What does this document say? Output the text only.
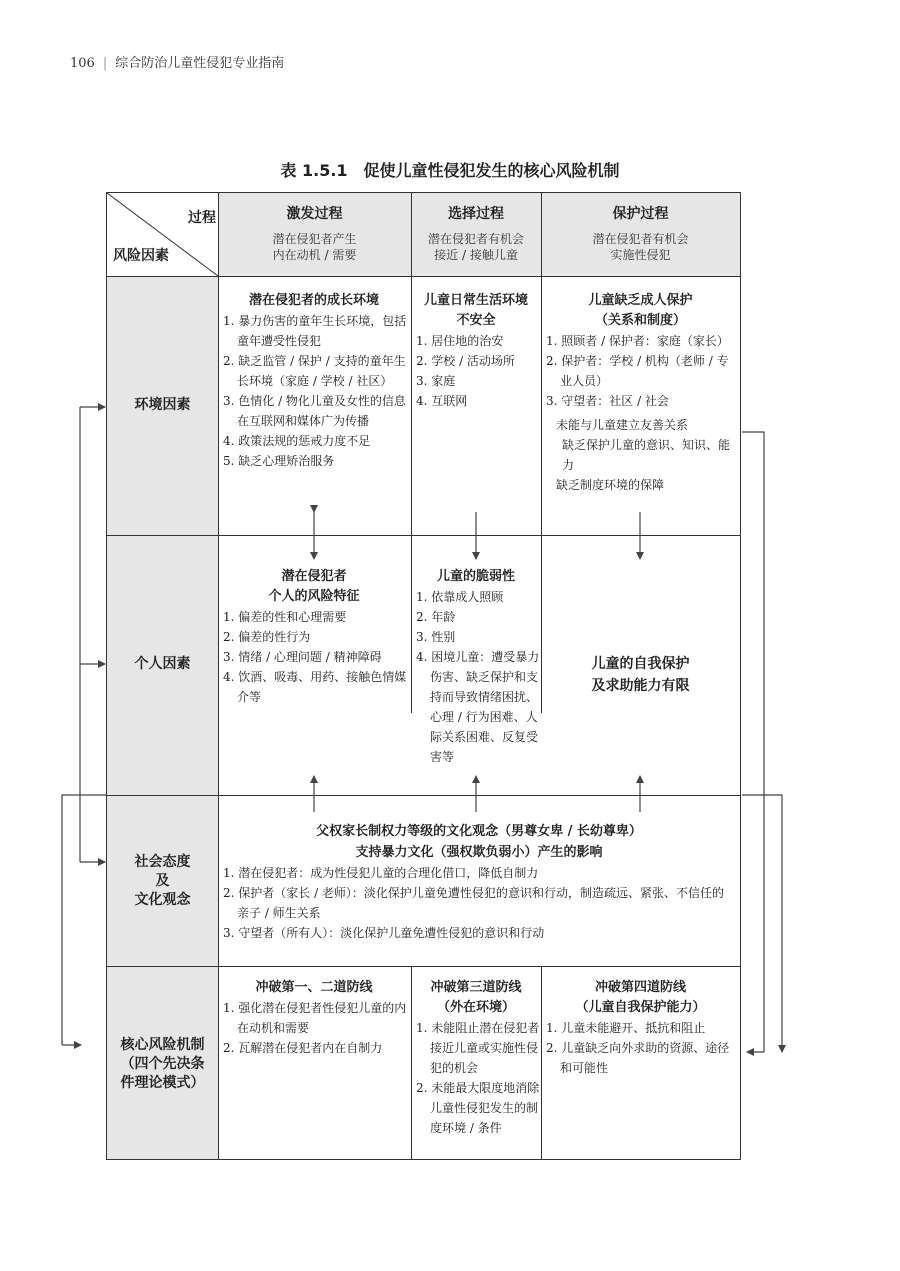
106 | 综合防治儿童性侵犯专业指南
表 1.5.1　促使儿童性侵犯发生的核心风险机制
过程
风险因素
激发过程
潜在侵犯者产生
内在动机 / 需要
选择过程
潜在侵犯者有机会
接近 / 接触儿童
保护过程
潜在侵犯者有机会
实施性侵犯
环境因素
个人因素
社会态度
及
文化观念
核心风险机制
（四个先决条
件理论模式）
潜在侵犯者的成长环境
1. 暴力伤害的童年生长环境，包括童年遭受性侵犯
2. 缺乏监管 / 保护 / 支持的童年生长环境（家庭 / 学校 / 社区）
3. 色情化 / 物化儿童及女性的信息在互联网和媒体广为传播
4. 政策法规的惩戒力度不足
5. 缺乏心理矫治服务
儿童日常生活环境
不安全
1. 居住地的治安
2. 学校 / 活动场所
3. 家庭
4. 互联网
儿童缺乏成人保护
（关系和制度）
1. 照顾者 / 保护者：家庭（家长）
2. 保护者：学校 / 机构（老师 / 专业人员）
3. 守望者：社区 / 社会
未能与儿童建立友善关系
缺乏保护儿童的意识、知识、能力
缺乏制度环境的保障
潜在侵犯者
个人的风险特征
1. 偏差的性和心理需要
2. 偏差的性行为
3. 情绪 / 心理问题 / 精神障碍
4. 饮酒、吸毒、用药、接触色情媒介等
儿童的脆弱性
1. 依靠成人照顾
2. 年龄
3. 性别
4. 困境儿童：遭受暴力伤害、缺乏保护和支持而导致情绪困扰、心理 / 行为困难、人际关系困难、反复受害等
儿童的自我保护
及求助能力有限
父权家长制权力等级的文化观念（男尊女卑 / 长幼尊卑）
支持暴力文化（强权欺负弱小）产生的影响
1. 潜在侵犯者：成为性侵犯儿童的合理化借口，降低自制力
2. 保护者（家长 / 老师）：淡化保护儿童免遭性侵犯的意识和行动，制造疏远、紧张、不信任的亲子 / 师生关系
3. 守望者（所有人）：淡化保护儿童免遭性侵犯的意识和行动
冲破第一、二道防线
1. 强化潜在侵犯者性侵犯儿童的内在动机和需要
2. 瓦解潜在侵犯者内在自制力
冲破第三道防线
（外在环境）
1. 未能阻止潜在侵犯者接近儿童或实施性侵犯的机会
2. 未能最大限度地消除儿童性侵犯发生的制度环境 / 条件
冲破第四道防线
（儿童自我保护能力）
1. 儿童未能避开、抵抗和阻止
2. 儿童缺乏向外求助的资源、途径和可能性
